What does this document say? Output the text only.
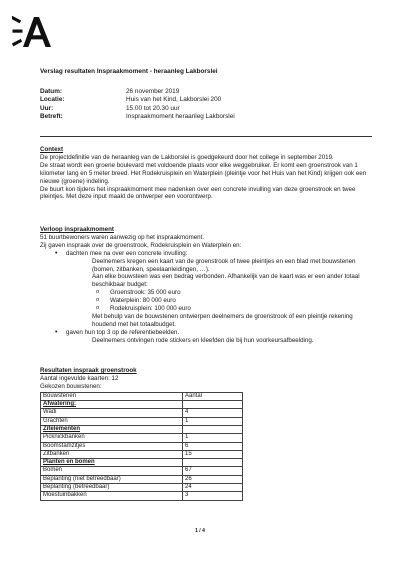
Verslag resultaten Inspraakmoment - heraanleg Lakborslei
Datum:	26 november 2019
Locatie:	Huis van het Kind, Lakborslei 200
Uur:	15.00 tot 20.30 uur
Betreft:	Inspraakmoment heraanleg Lakborslei
Context

De projectdefinitie van de heraanleg van de Lakborslei is goedgekeurd door het college in september 2019.

De straat wordt een groene boulevard met voldoende plaats voor elke weggebruiker. Er komt een groenstrook van 1 kilometer lang en 5 meter breed. Het Rodekruisplein en Waterplein (pleintje voor het Huis van het Kind) krijgen ook een nieuwe (groene) indeling.

De buurt kon tijdens het inspraakmoment mee nadenken over een concrete invulling van deze groenstrook en twee pleintjes. Met deze input maakt de ontwerper een voorontwerp.

Verloop inspraakmoment

51 buurtbewoners waren aanwezig op het inspraakmoment.

Zij gaven inspraak over de groenstrook, Rodekruisplein en Waterplein en:

• dachten mee na over een concrete invulling:
Deelnemers kregen een kaart van de groenstrook of twee pleintjes en een blad met bouwstenen (bomen, zitbanken, speelaanleidingen, …).
Aan elke bouwsteen was een bedrag verbonden. Afhankelijk van de kaart was er een ander totaal beschikbaar budget:
o Groenstrook: 35 000 euro
o Waterplein: 80 000 euro
o Rodekruisplein: 100 000 euro
Met behulp van de bouwstenen ontwierpen deelnemers de groenstrook of een pleintje rekening houdend met het totaalbudget.
• gaven hun top 3 op de referentiebeelden.
Deelnemers ontvingen rode stickers en kleefden die bij hun voorkeursafbeelding.
Resultaten inspraak groenstrook

Aantal ingevulde kaarten: 12

Gekozen bouwstenen:

Bouwstenen	Aantal
Afwatering:	
Wadi	4
Grachten	1
Zitelementen	
Picknickbanken	1
Boomstamzitjes	6
Zitbanken	15
Planten en bomen	
Bomen	67
Beplanting (niet betreedbaar)	26
Beplanting (betreedbaar)	24
Moestuinbakken	3
1 / 4
